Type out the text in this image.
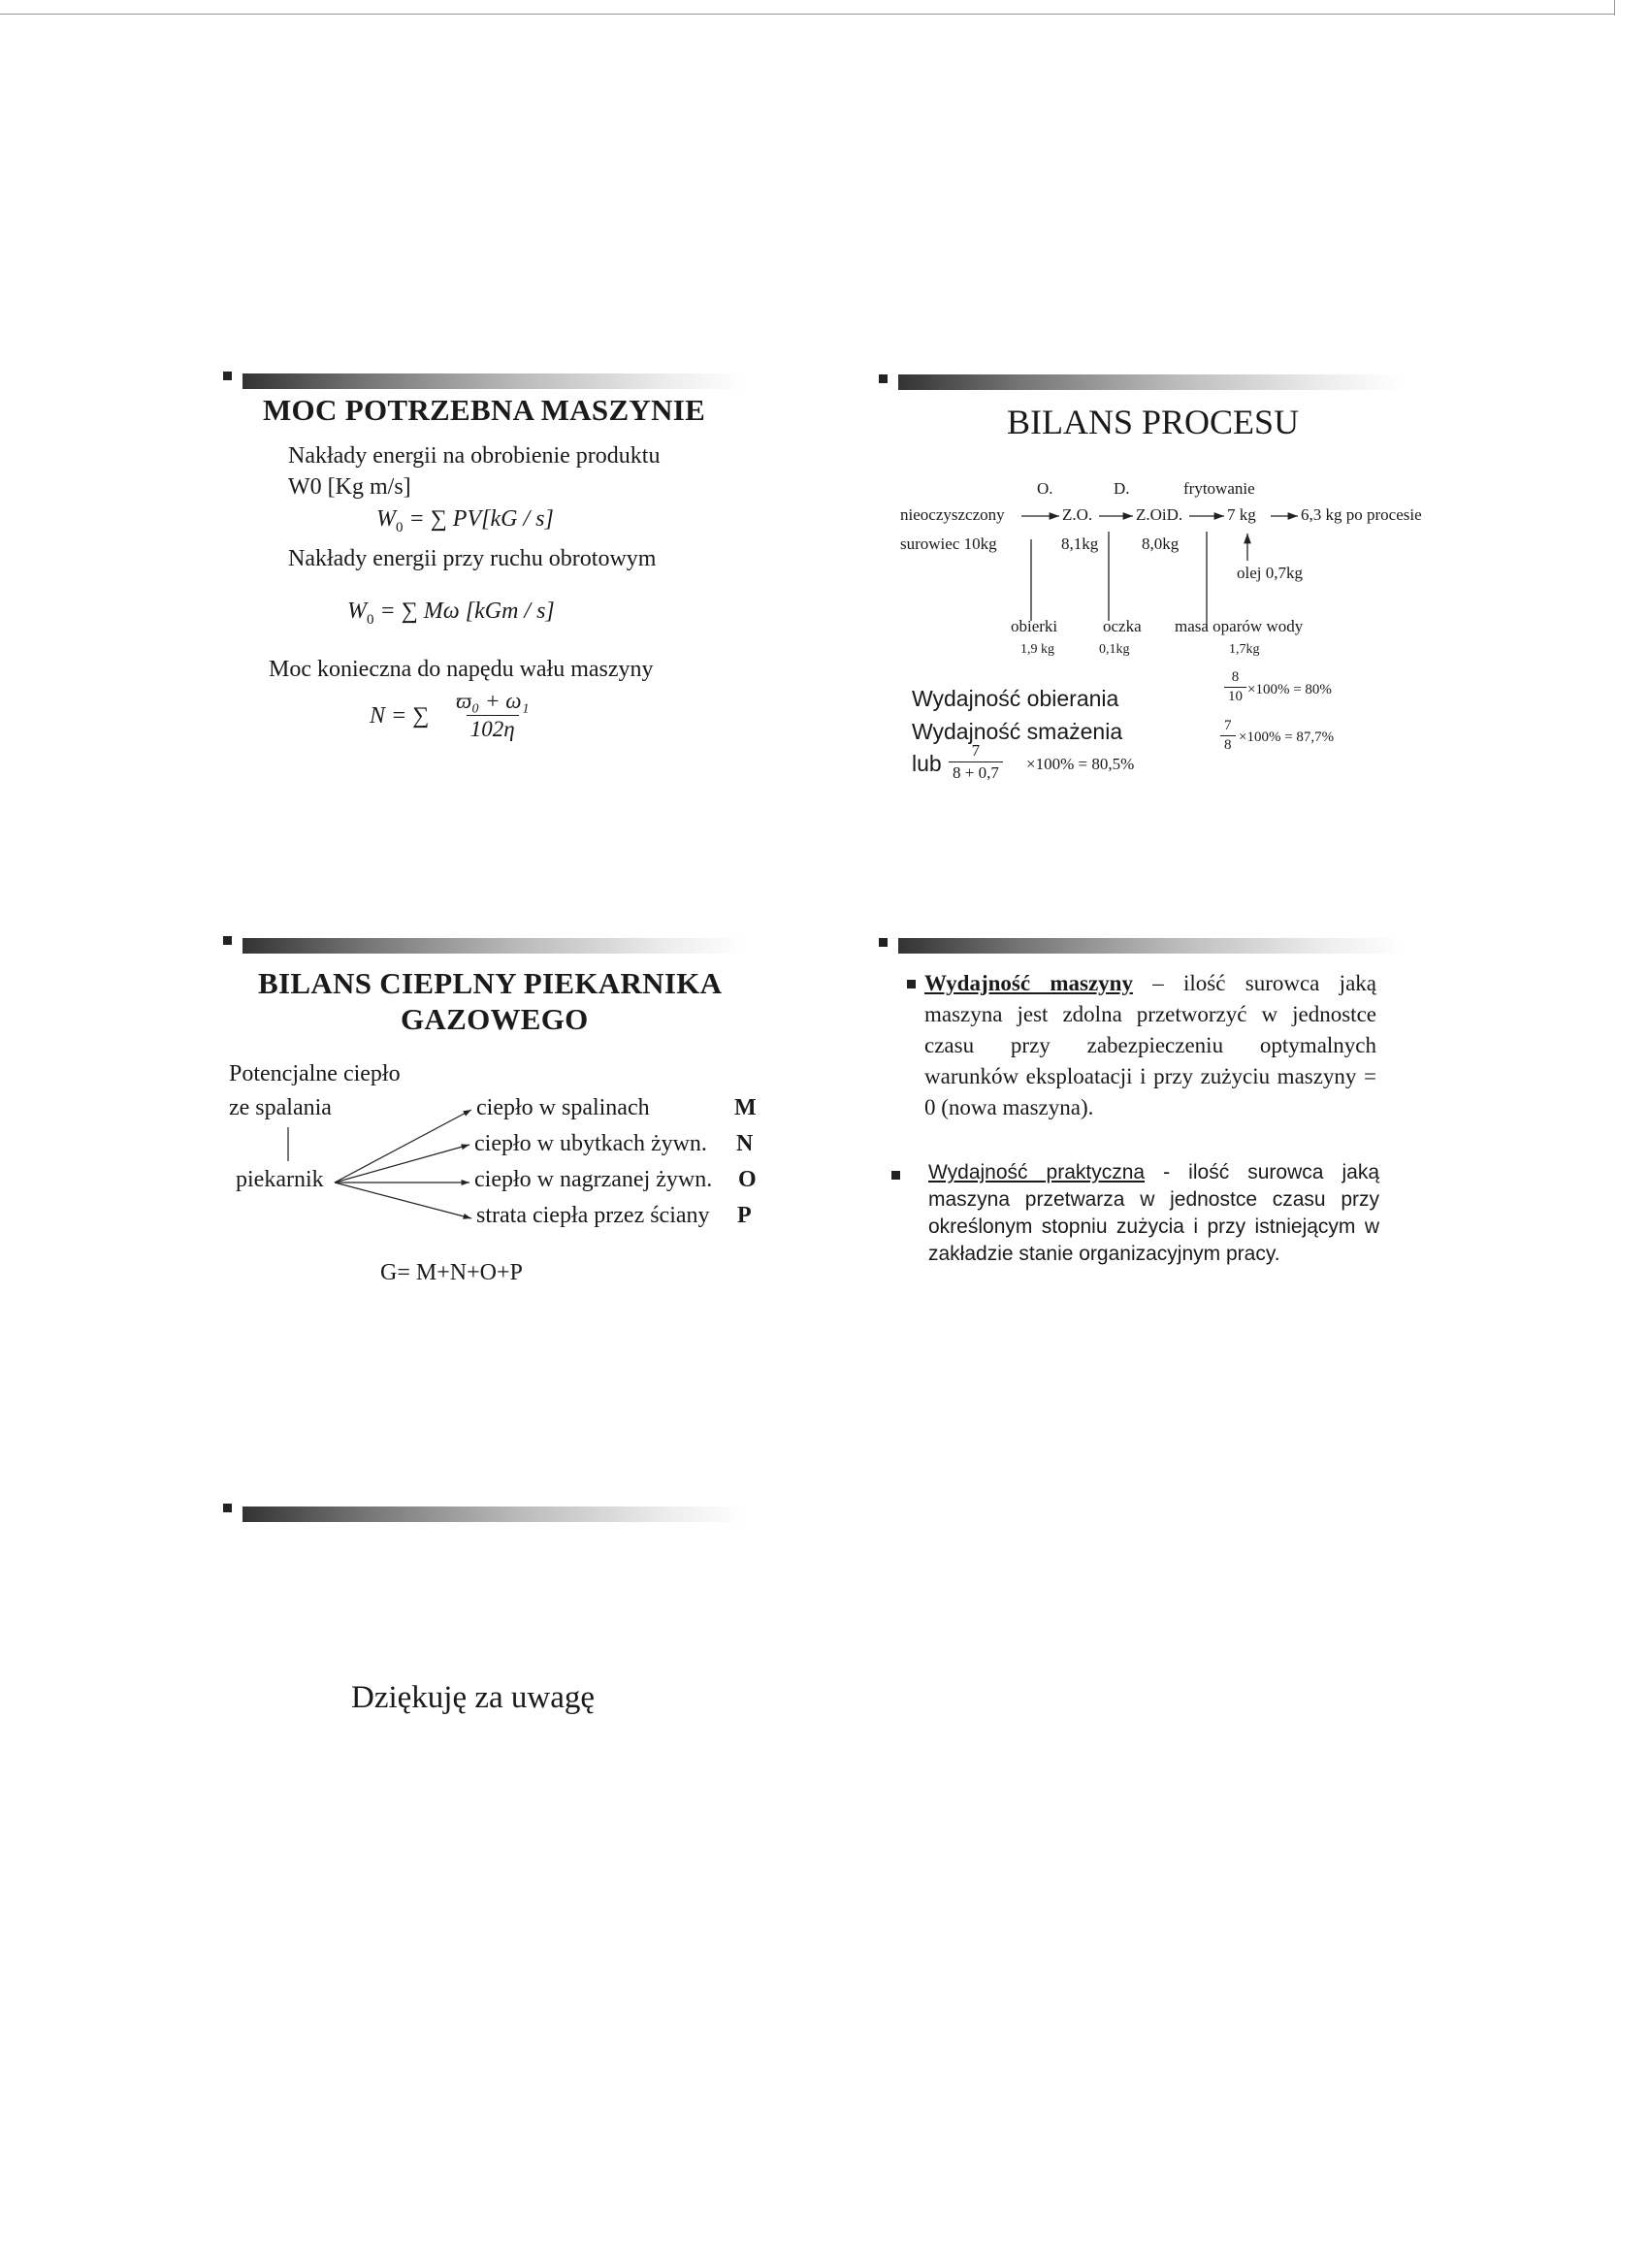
MOC POTRZEBNA MASZYNIE
Nakłady energii na obrobienie produktu
W0 [Kg m/s]
$W_0$ = ∑ PV[kG / s]
Nakłady energii przy ruchu obrotowym
$W_0$ = ∑ Mω [kGm / s]
Moc konieczna do napędu wału maszyny
N = ∑ $\frac{\text{ϖ₀ + ω₁}}{102\eta}$
BILANS PROCESU
O.	D.	frytowanie
nieoczyszczony	Z.O.	Z.OiD.	7 kg	6,3 kg po procesie
surowiec 10kg	8,1kg	8,0kg
olej 0,7kg
obierki
1,9 kg
oczka
0,1kg
masa oparów wody
1,7kg
Wydajność obierania
Wydajność smażenia
lub
$\frac{8}{10} \times 100\% = 80\%$
$\frac{7}{8} \times 100\% = 87,7\%$
$\frac{7}{8 + 0,7} \times 100\% = 80,5\%$
BILANS CIEPLNY PIEKARNIKA
GAZOWEGO
Potencjalne ciepło
ze spalania
piekarnik
ciepło w spalinach	M
ciepło w ubytkach żywn. N
ciepło w nagrzanej żywn. O
strata ciepła przez ściany P
G= M+N+O+P
Wydajność maszyny – ilość surowca jaką maszyna jest zdolna przetworzyć w jednostce czasu przy zabezpieczeniu optymalnych warunków eksploatacji i przy zużyciu maszyny = 0 (nowa maszyna).
Wydajność praktyczna - ilość surowca jaką maszyna przetwarza w jednostce czasu przy określonym stopniu zużycia i przy istniejącym w zakładzie stanie organizacyjnym pracy.
Dziękuję za uwagę
